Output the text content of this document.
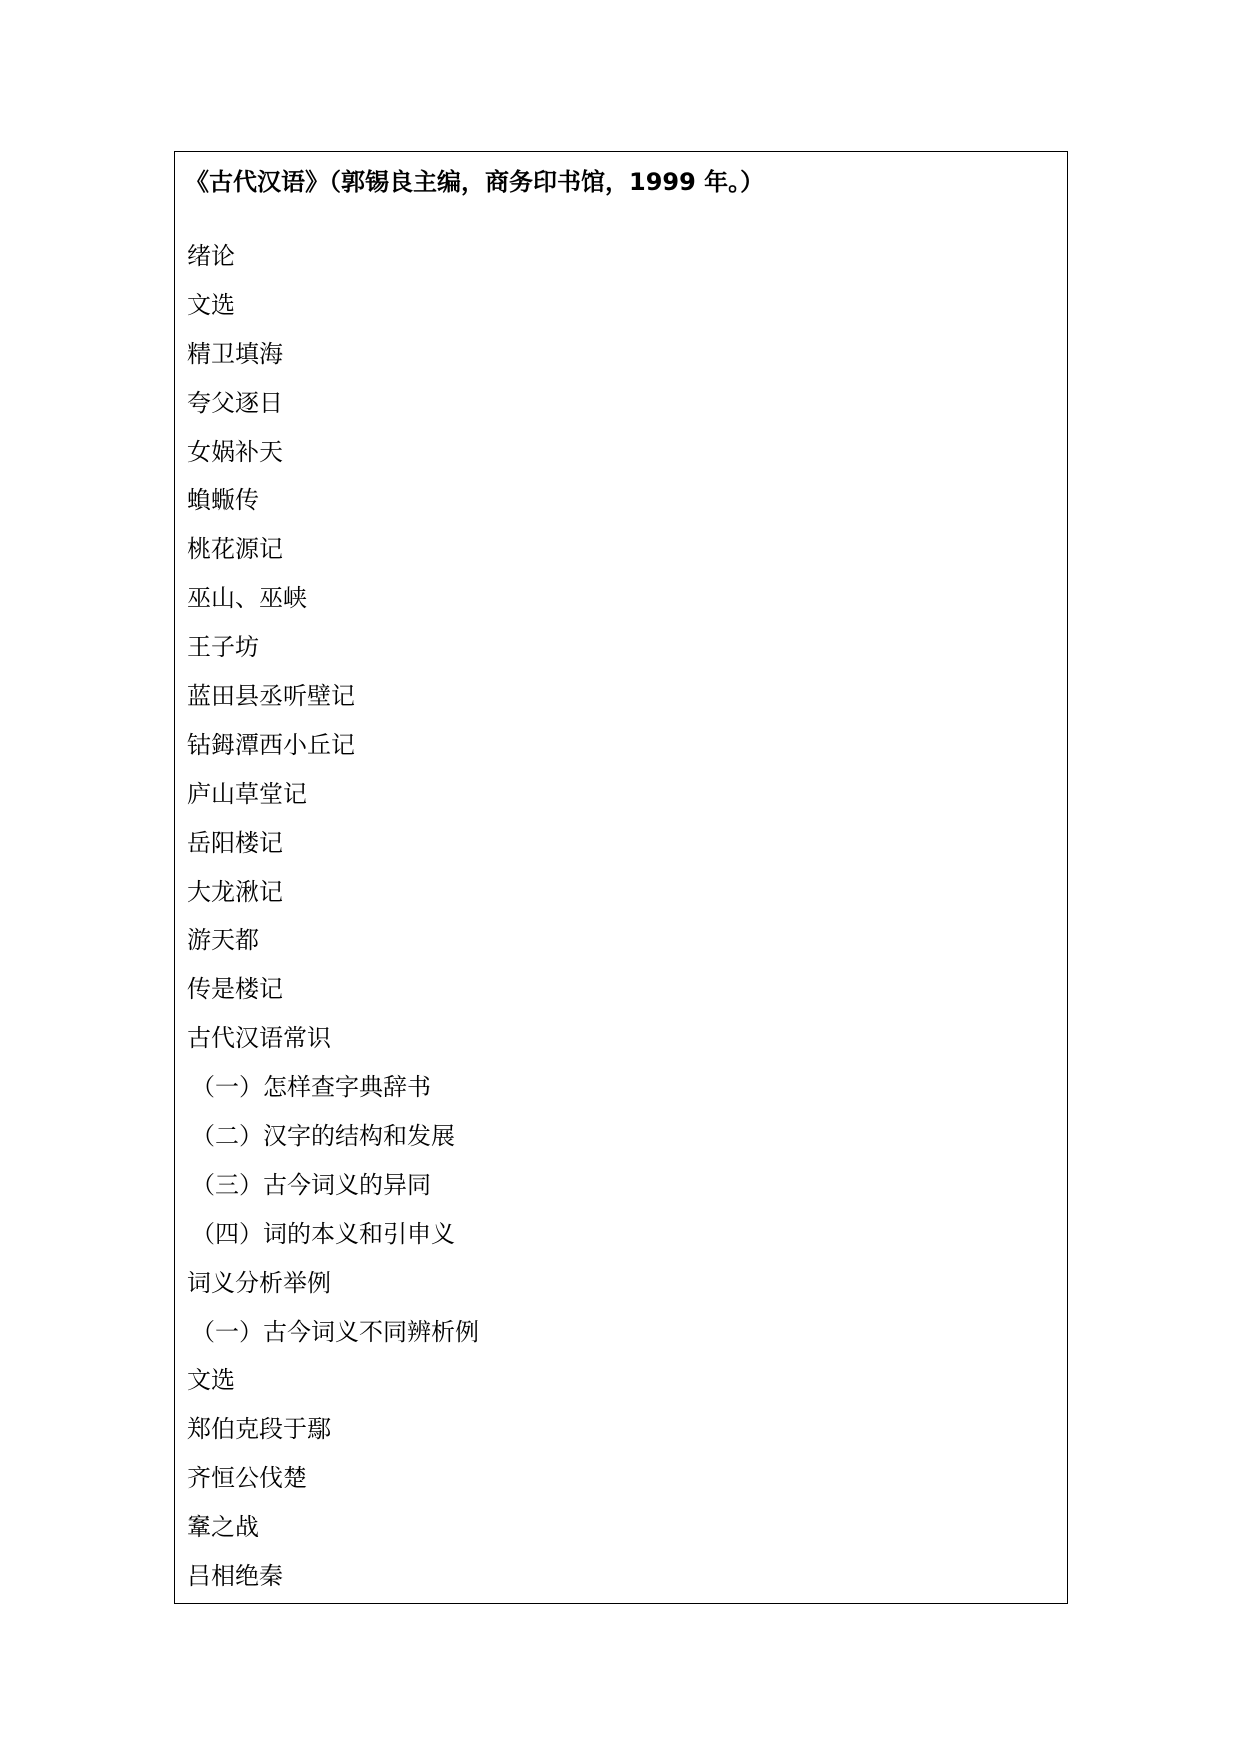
《古代汉语》（郭锡良主编，商务印书馆，1999 年。）
绪论
文选
精卫填海
夸父逐日
女娲补天
蝜蝂传
桃花源记
巫山、巫峡
王子坊
蓝田县丞听壁记
钴鉧潭西小丘记
庐山草堂记
岳阳楼记
大龙湫记
游天都
传是楼记
古代汉语常识
（一）怎样查字典辞书
（二）汉字的结构和发展
（三）古今词义的异同
（四）词的本义和引申义
词义分析举例
（一）古今词义不同辨析例
文选
郑伯克段于鄢
齐恒公伐楚
鞌之战
吕相绝秦
